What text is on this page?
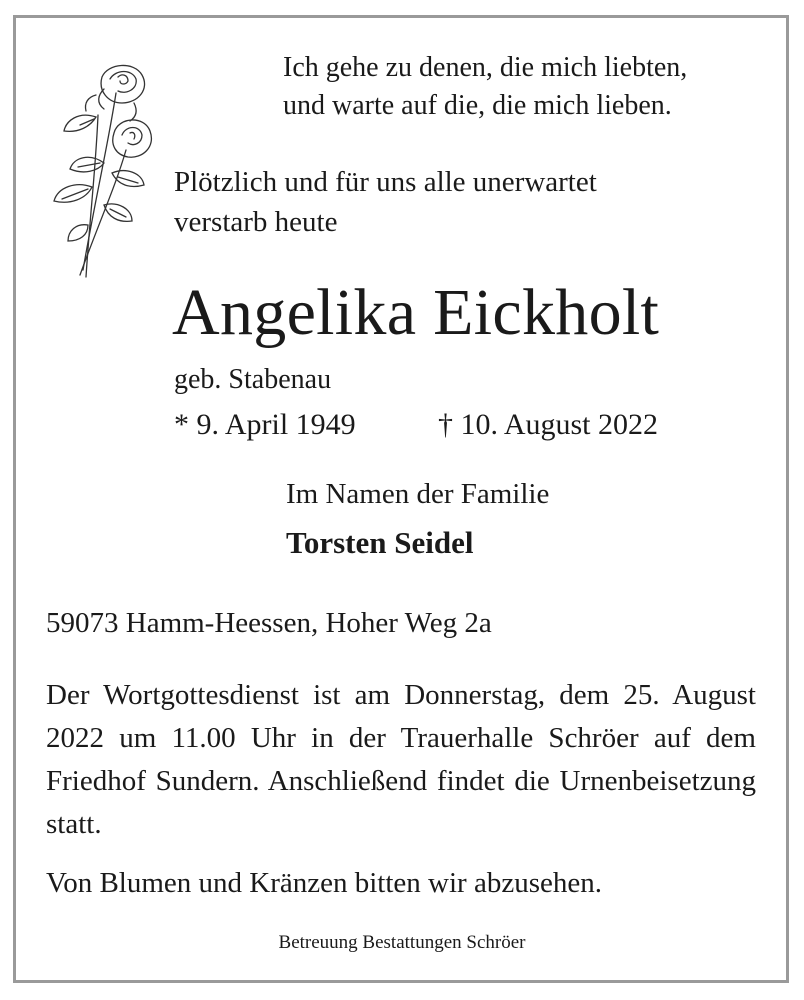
Ich gehe zu denen, die mich liebten,

und warte auf die, die mich lieben.

Plötzlich und für uns alle unerwartet

verstarb heute

Angelika Eickholt

geb. Stabenau

* 9. April 1949	† 10. August 2022

Im Namen der Familie

Torsten Seidel

59073 Hamm-Heessen, Hoher Weg 2a

Der Wortgottesdienst ist am Donnerstag, dem 25. August 2022 um 11.00 Uhr in der Trauerhalle Schröer auf dem Friedhof Sundern. Anschließend findet die Urnenbeisetzung statt.

Von Blumen und Kränzen bitten wir abzusehen.

Betreuung Bestattungen Schröer
